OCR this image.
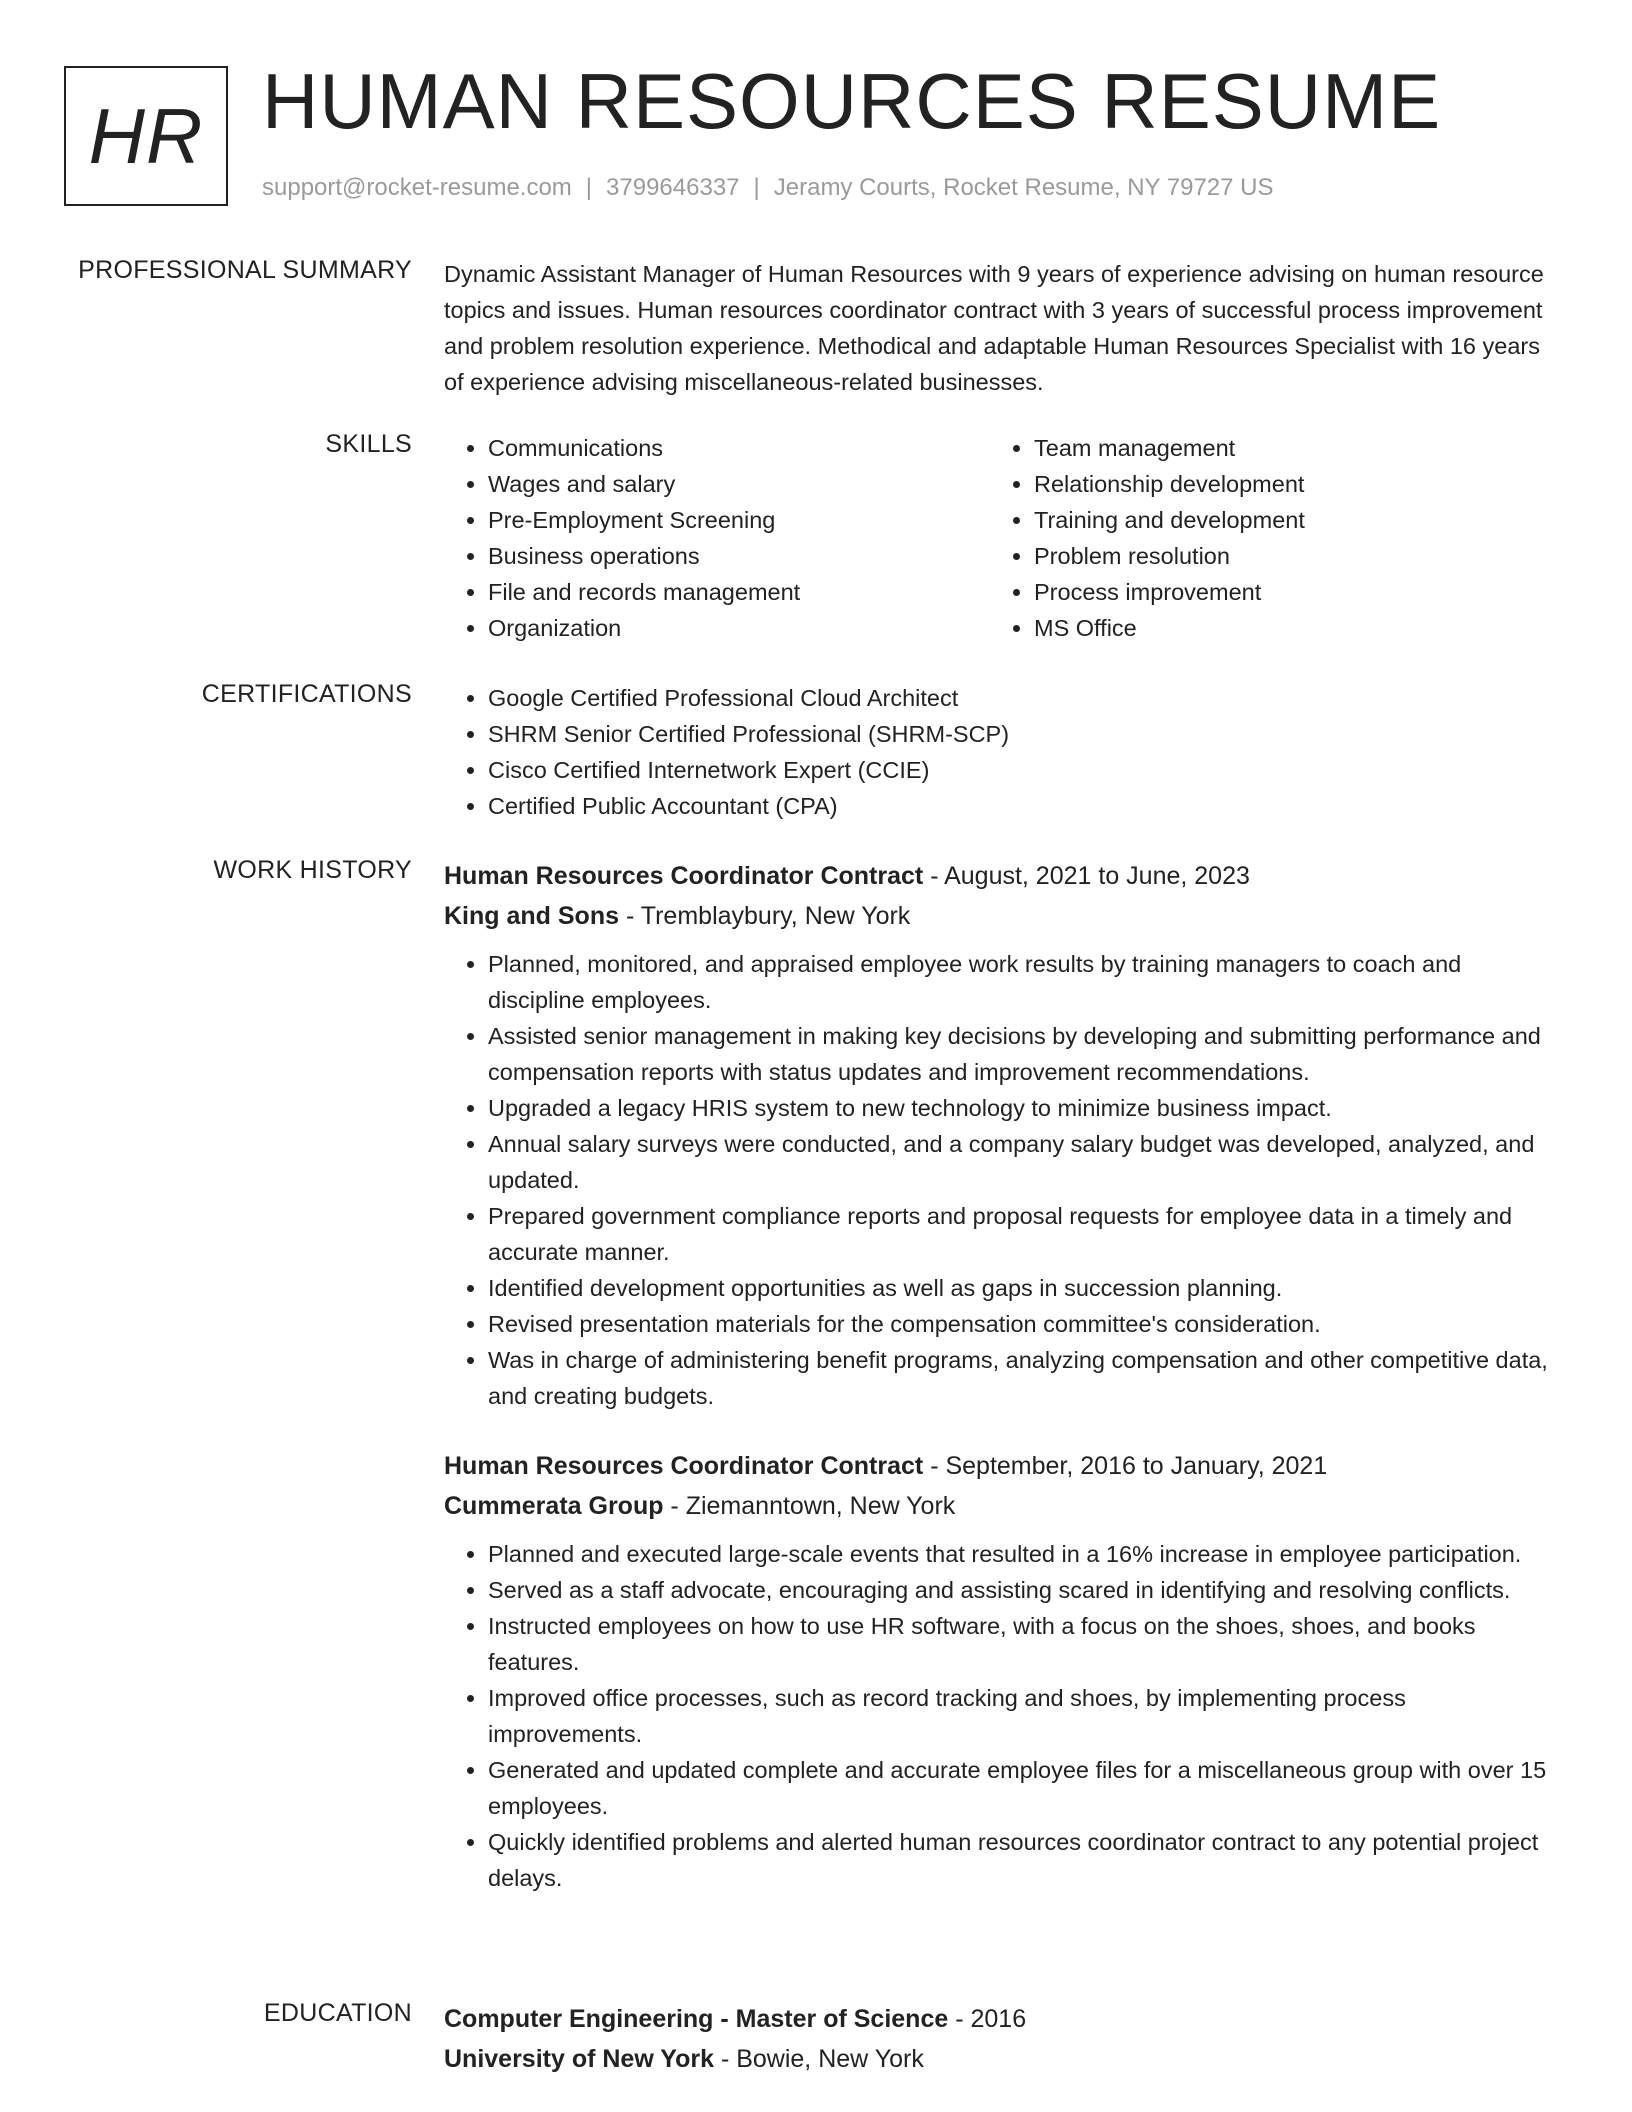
HR HUMAN RESOURCES RESUME
support@rocket-resume.com | 3799646337 | Jeramy Courts, Rocket Resume, NY 79727 US
PROFESSIONAL SUMMARY Dynamic Assistant Manager of Human Resources with 9 years of experience advising on human resource topics and issues. Human resources coordinator contract with 3 years of successful process improvement and problem resolution experience. Methodical and adaptable Human Resources Specialist with 16 years of experience advising miscellaneous-related businesses.

SKILLS	• Communications
• Wages and salary
• Pre-Employment Screening
• Business operations
• File and records management
• Organization
• Team management
• Relationship development
• Training and development
• Problem resolution
• Process improvement
• MS Office
CERTIFICATIONS	• Google Certified Professional Cloud Architect
• SHRM Senior Certified Professional (SHRM-SCP)
• Cisco Certified Internetwork Expert (CCIE)
• Certified Public Accountant (CPA)
WORK HISTORY Human Resources Coordinator Contract - August, 2021 to June, 2023
King and Sons - Tremblaybury, New York
• Planned, monitored, and appraised employee work results by training managers to coach and discipline employees.
• Assisted senior management in making key decisions by developing and submitting performance and compensation reports with status updates and improvement recommendations.
• Upgraded a legacy HRIS system to new technology to minimize business impact.
• Annual salary surveys were conducted, and a company salary budget was developed, analyzed, and updated.
• Prepared government compliance reports and proposal requests for employee data in a timely and accurate manner.
• Identified development opportunities as well as gaps in succession planning.
• Revised presentation materials for the compensation committee's consideration.
• Was in charge of administering benefit programs, analyzing compensation and other competitive data, and creating budgets.
Human Resources Coordinator Contract - September, 2016 to January, 2021
Cummerata Group - Ziemanntown, New York
• Planned and executed large-scale events that resulted in a 16% increase in employee participation.
• Served as a staff advocate, encouraging and assisting scared in identifying and resolving conflicts.
• Instructed employees on how to use HR software, with a focus on the shoes, shoes, and books features.
• Improved office processes, such as record tracking and shoes, by implementing process improvements.
• Generated and updated complete and accurate employee files for a miscellaneous group with over 15 employees.
• Quickly identified problems and alerted human resources coordinator contract to any potential project delays.
EDUCATION Computer Engineering - Master of Science - 2016
University of New York - Bowie, New York
